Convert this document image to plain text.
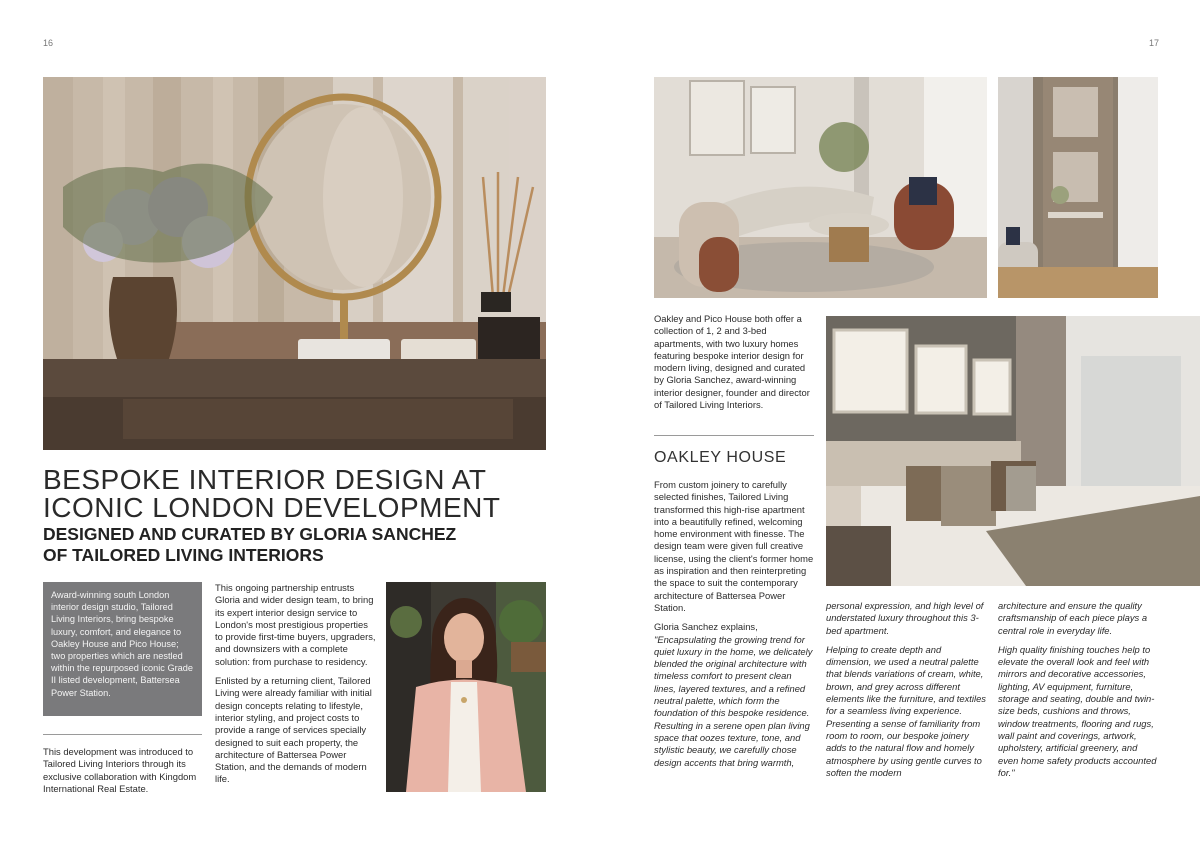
16	17
BESPOKE INTERIOR DESIGN AT
ICONIC LONDON DEVELOPMENT
DESIGNED AND CURATED BY GLORIA SANCHEZ
OF TAILORED LIVING INTERIORS
Award-winning south London interior design studio, Tailored Living Interiors, bring bespoke luxury, comfort, and elegance to Oakley House and Pico House; two properties which are nestled within the repurposed iconic Grade II listed development, Battersea Power Station.
This development was introduced to Tailored Living Interiors through its exclusive collaboration with Kingdom International Real Estate.

This ongoing partnership entrusts Gloria and wider design team, to bring its expert interior design service to London's most prestigious properties to provide first-time buyers, upgraders, and downsizers with a complete solution: from purchase to residency.

Enlisted by a returning client, Tailored Living were already familiar with initial design concepts relating to lifestyle, interior styling, and project costs to provide a range of services specially designed to suit each property, the architecture of Battersea Power Station, and the demands of modern life.

Oakley and Pico House both offer a collection of 1, 2 and 3-bed apartments, with two luxury homes featuring bespoke interior design for modern living, designed and curated by Gloria Sanchez, award-winning interior designer, founder and director of Tailored Living Interiors.
OAKLEY HOUSE

From custom joinery to carefully selected finishes, Tailored Living transformed this high-rise apartment into a beautifully refined, welcoming home environment with finesse. The design team were given full creative license, using the client's former home as inspiration and then reinterpreting the space to suit the contemporary architecture of Battersea Power Station.

Gloria Sanchez explains,

"Encapsulating the growing trend for quiet luxury in the home, we delicately blended the original architecture with timeless comfort to present clean lines, layered textures, and a refined neutral palette, which form the foundation of this bespoke residence. Resulting in a serene open plan living space that oozes texture, tone, and stylistic beauty, we carefully chose design accents that bring warmth,

personal expression, and high level of understated luxury throughout this 3-bed apartment.

Helping to create depth and dimension, we used a neutral palette that blends variations of cream, white, brown, and grey across different elements like the furniture, and textiles for a seamless living experience. Presenting a sense of familiarity from room to room, our bespoke joinery adds to the natural flow and homely atmosphere by using gentle curves to soften the modern

architecture and ensure the quality craftsmanship of each piece plays a central role in everyday life.

High quality finishing touches help to elevate the overall look and feel with mirrors and decorative accessories, lighting, AV equipment, furniture, storage and seating, double and twin-size beds, cushions and throws, window treatments, flooring and rugs, wall paint and coverings, artwork, upholstery, artificial greenery, and even home safety products accounted for."
